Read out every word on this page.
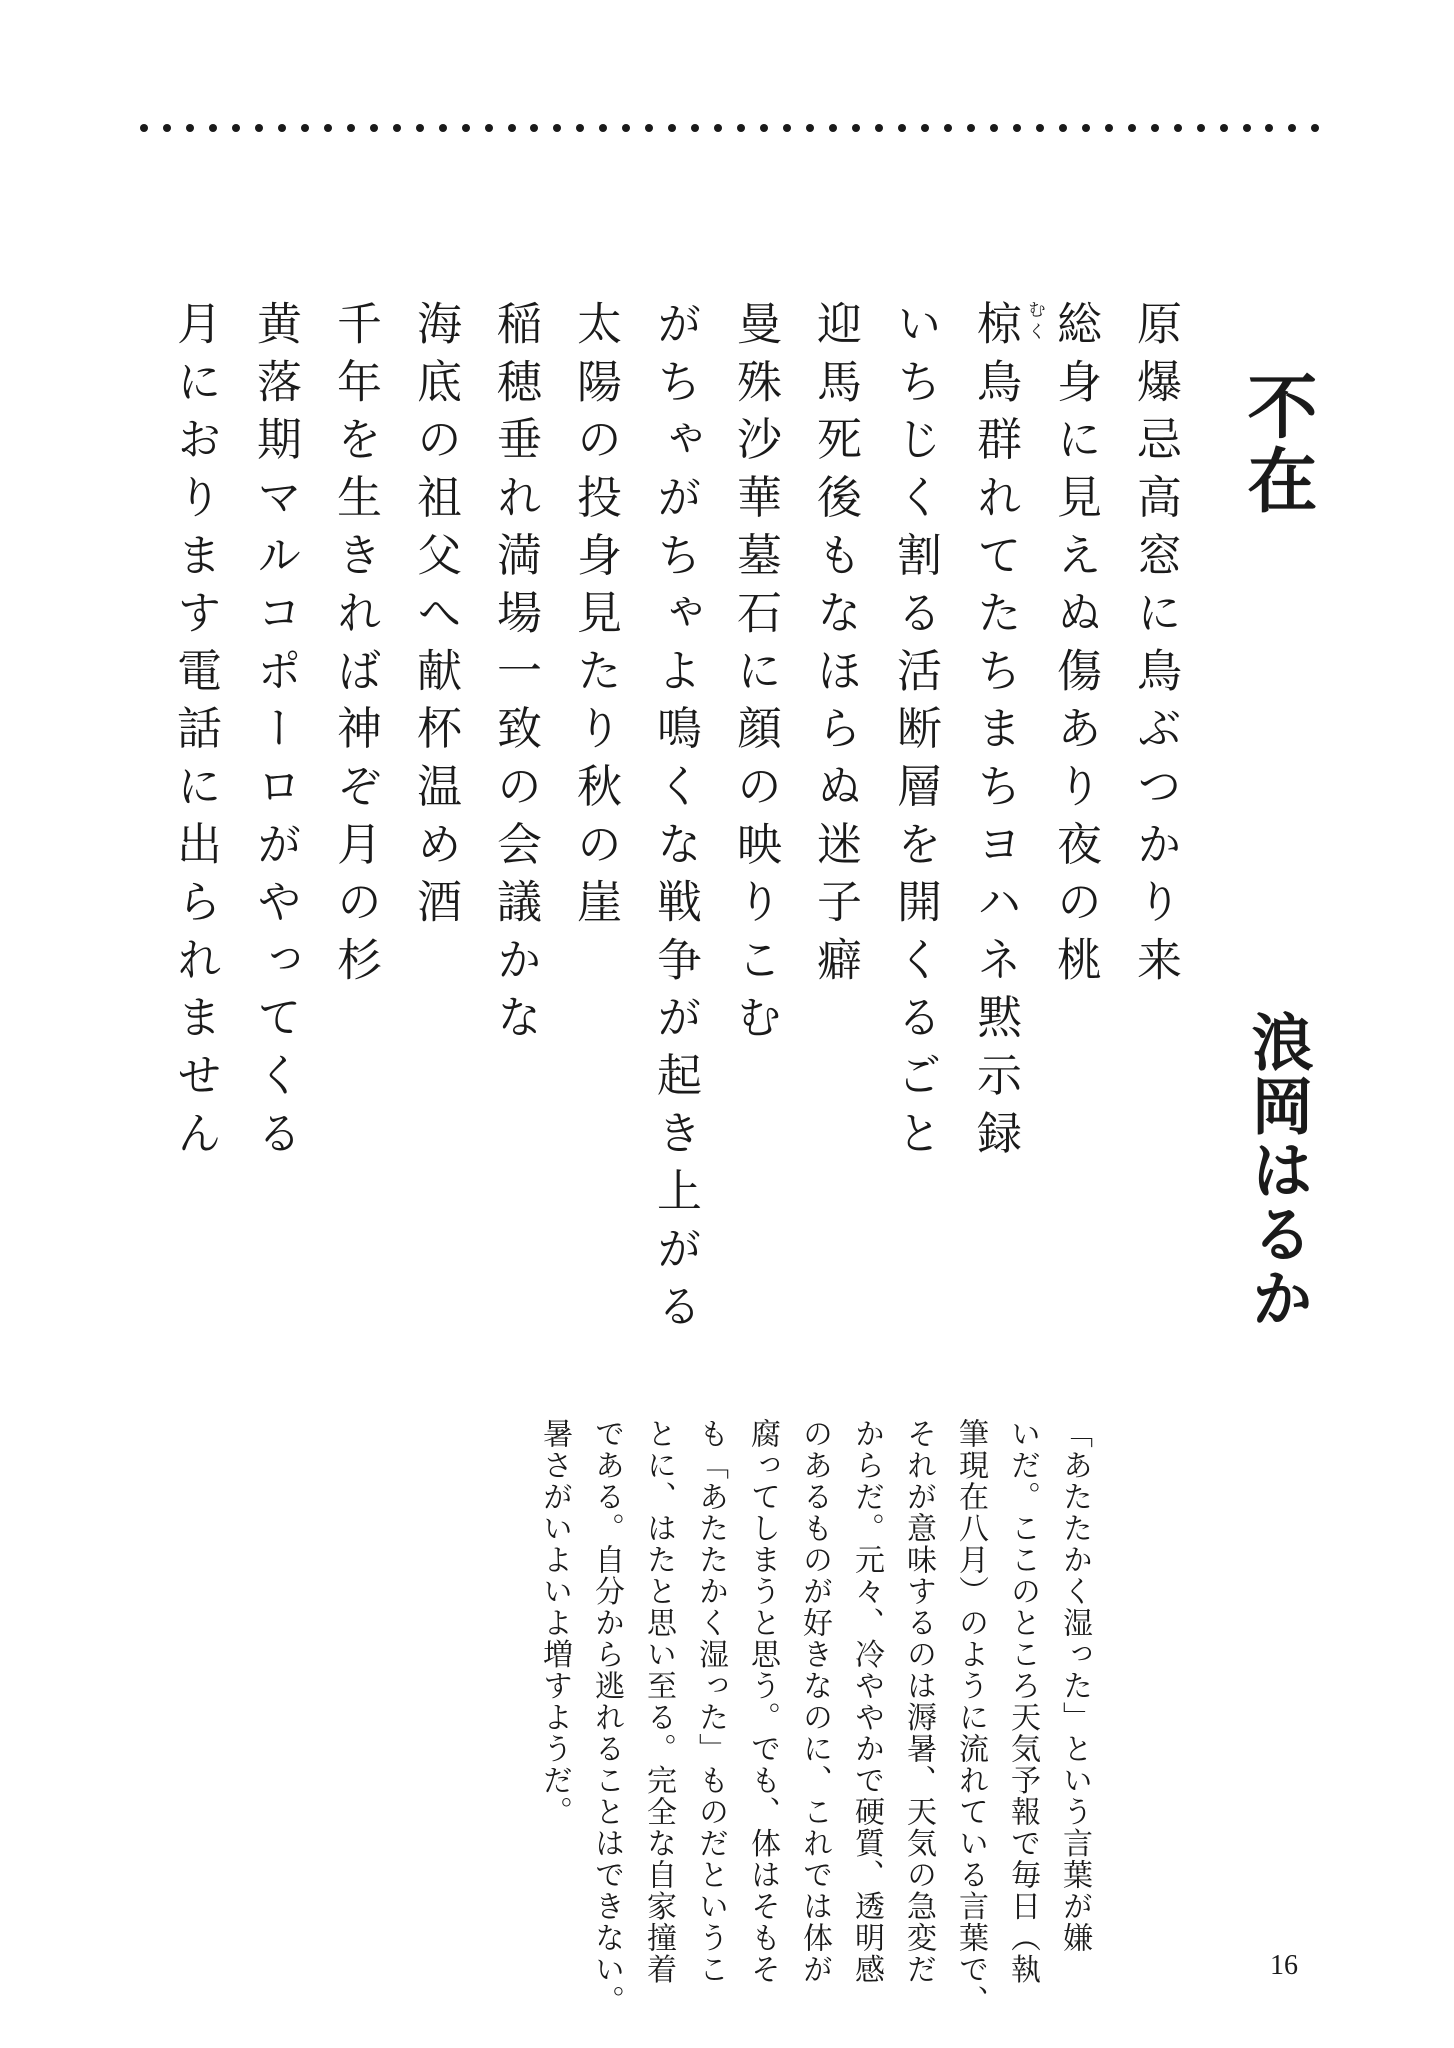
不在
浪岡はるか
原爆忌高窓に鳥ぶつかり来
総身に見えぬ傷あり夜の桃
椋 むく
鳥群れてたちまちヨハネ黙示録
いちじく割る活断層を開くるごと
迎馬死後もなほらぬ迷子癖
曼殊沙華墓石に顔の映りこむ
がちゃがちゃよ鳴くな戦争が起き上がる
太陽の投身見たり秋の崖
稲穂垂れ満場一致の会議かな
海底の祖父へ献杯温め酒
千年を生きれば神ぞ月の杉
黄落期マルコポーロがやってくる
月におります電話に出られません
「あたたかく湿った」という言葉が嫌
いだ。ここのところ天気予報で毎日（執
筆現在八月）のように流れている言葉で、
それが意味するのは溽暑、天気の急変だ
からだ。元々、冷ややかで硬質、透明感
のあるものが好きなのに、これでは体が
腐ってしまうと思う。でも、体はそもそ
も「あたたかく湿った」ものだというこ
とに、はたと思い至る。完全な自家撞着
である。自分から逃れることはできない。
暑さがいよいよ増すようだ。
16
